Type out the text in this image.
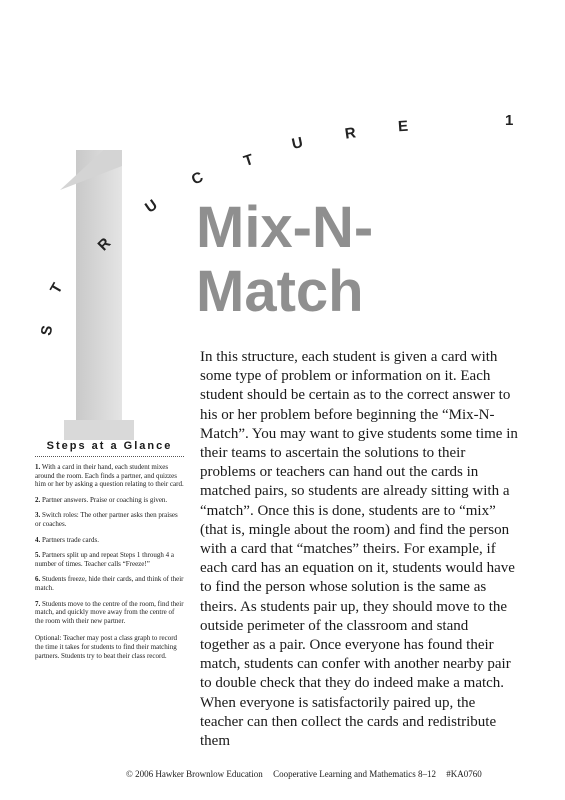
S
T
R
U
C
T
U
R	E	1
Mix-N-
Match

In this structure, each student is given a card with some type of problem or information on it. Each student should be certain as to the correct answer to his or her problem before beginning the “Mix-N-Match”. You may want to give students some time in their teams to ascertain the solutions to their problems or teachers can hand out the cards in matched pairs, so students are already sitting with a “match”. Once this is done, students are to “mix” (that is, mingle about the room) and find the person with a card that “matches” theirs. For example, if each card has an equation on it, students would have to find the person whose solution is the same as theirs. As students pair up, they should move to the outside perimeter of the classroom and stand together as a pair. Once everyone has found their match, students can confer with another nearby pair to double check that they do indeed make a match. When everyone is satisfactorily paired up, the teacher can then collect the cards and redistribute them

Steps at a Glance

1. With a card in their hand, each student mixes around the room. Each finds a partner, and quizzes him or her by asking a question relating to their card.

2. Partner answers. Praise or coaching is given.

3. Switch roles: The other partner asks then praises or coaches.

4. Partners trade cards.

5. Partners split up and repeat Steps 1 through 4 a number of times. Teacher calls “Freeze!”

6. Students freeze, hide their cards, and think of their match.

7. Students move to the centre of the room, find their match, and quickly move away from the centre of the room with their new partner.

Optional: Teacher may post a class graph to record the time it takes for students to find their matching partners. Students try to beat their class record.

© 2006 Hawker Brownlow Education Cooperative Learning and Mathematics 8–12 #KA0760
